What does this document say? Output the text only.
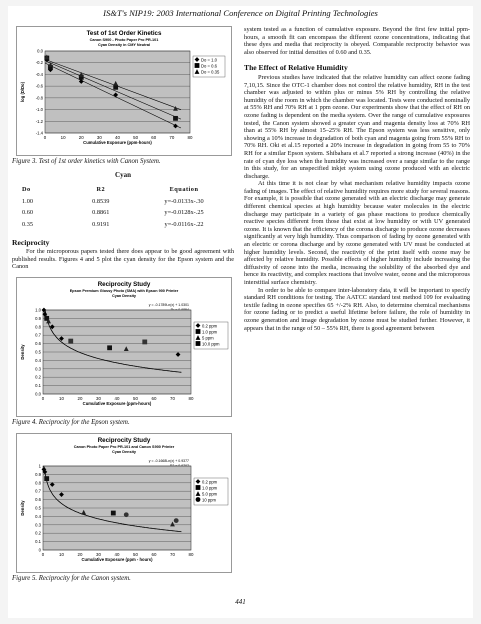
IS&T's NIP19: 2003 International Conference on Digital Printing Technologies
Test of 1st Order Kinetics
Canon S900 - Photo Paper Pro PR-101
Cyan Density in CMY Neutral
0.0
-0.2
-0.4
-0.6
-0.8
-1.0
-1.2
-1.4
0	10	20	30	40	50	60	70	80
Cumulative Exposure (ppm-hours)
log (D/Do)
Do = 1.0
Do = 0.6
Do = 0.35
Figure 3. Test of 1st order kinetics with Canon System.
Cyan
Do	R2	Equation
1.00	0.8539	y=-0.0133x-.30
0.60	0.8861	y=-0.0128x-.25
0.35	0.9191	y=-0.0116x-.22
Reciprocity

For the microporous papers tested there does appear to be good agreement with published results. Figures 4 and 5 plot the cyan density for the Epson system and the Canon

Reciprocity Study
Epson Premium Glossy Photo (SMA) with Epson 900 Printer
Cyan Density
y = -0.1789Ln(x) + 1.0301
1.0
0.9
0.8
0.7
0.6
0.5
0.4
0.3
0.2
0.1
0.0
0	10	20	30	40	50	60	70	80
Cumulative Exposure (ppm-hours)
Density
0.2 ppm
1.0 ppm
5 ppm
10.0 ppm
Figure 4. Reciprocity for the Epson system.
Reciprocity Study
Canon Photo Paper Pro PR-101 and Canon S900 Printer
Cyan Density
y = -0.1668Ln(x) + 0.9377
1
0.9
0.8
0.7
0.6
0.5
0.4
0.3
0.2
0.1
0
0	10	20	30	40	50	60	70	80
Cumulative Exposure (ppm - hours)
Density
0.2 ppm
1.0 ppm
5.0 ppm
10 ppm
Figure 5. Reciprocity for the Canon system.

system tested as a function of cumulative exposure. Beyond the first few initial ppm-hours, a smooth fit can encompass the different ozone concentrations, indicating that these dyes and media that reciprocity is obeyed. Comparable reciprocity behavior was also observed for initial densities of 0.60 and 0.35.

The Effect of Relative Humidity

Previous studies have indicated that the relative humidity can affect ozone fading 7,10,15. Since the OTC-1 chamber does not control the relative humidity, RH in the test chamber was adjusted to within plus or minus 5% RH by controlling the relative humidity of the room in which the chamber was located. Tests were conducted nominally at 55% RH and 70% RH at 1 ppm ozone. Our experiments show that the effect of RH on ozone fading is dependent on the media system. Over the range of cumulative exposures tested, the Canon system showed a greater cyan and magenta density loss at 70% RH than at 55% RH by almost 15–25% RH. The Epson system was less sensitive, only showing a 10% increase in degradation of both cyan and magenta going from 55% RH to 70% RH. Oki et al.15 reported a 20% increase in degradation in going from 55 to 70% RH for a similar Epson system. Shibahara et al.7 reported a strong increase (40%) in the rate of cyan dye loss when the humidity was increased over a range similar to the range in this study, for an unspecified inkjet system using ozone produced with an electric discharge.

At this time it is not clear by what mechanism relative humidity impacts ozone fading of images. The effect of relative humidity requires more study for several reasons. For example, it is possible that ozone generated with an electric discharge may generate different chemical species at high humidity because water molecules in the electric discharge may participate in a variety of gas phase reactions to produce chemically reactive species different from those that exist at low humidity or with UV generated ozone. It is known that the efficiency of the corona discharge to produce ozone decreases significantly at very high humidity. Thus comparison of fading by ozone generated with an electric or corona discharge and by ozone generated with UV must be conducted at higher humidity levels. Second, the reactivity of the print itself with ozone may be affected by relative humidity. Possible effects of higher humidity include increasing the diffusivity of ozone into the media, increasing the solubility of the absorbed dye and hence its reactivity, and complex reactions that involve water, ozone and the microporous interstitial surface chemistry.

In order to be able to compare inter-laboratory data, it will be important to specify standard RH conditions for testing. The AATCC standard test method 109 for evaluating textile fading in ozone specifies 65 +/-2% RH. Also, to determine chemical mechanisms for ozone fading or to predict a useful lifetime before failure, the role of humidity in ozone generation and image degradation by ozone must be studied further. However, it appears that in the range of 50 – 55% RH, there is good agreement between

441
